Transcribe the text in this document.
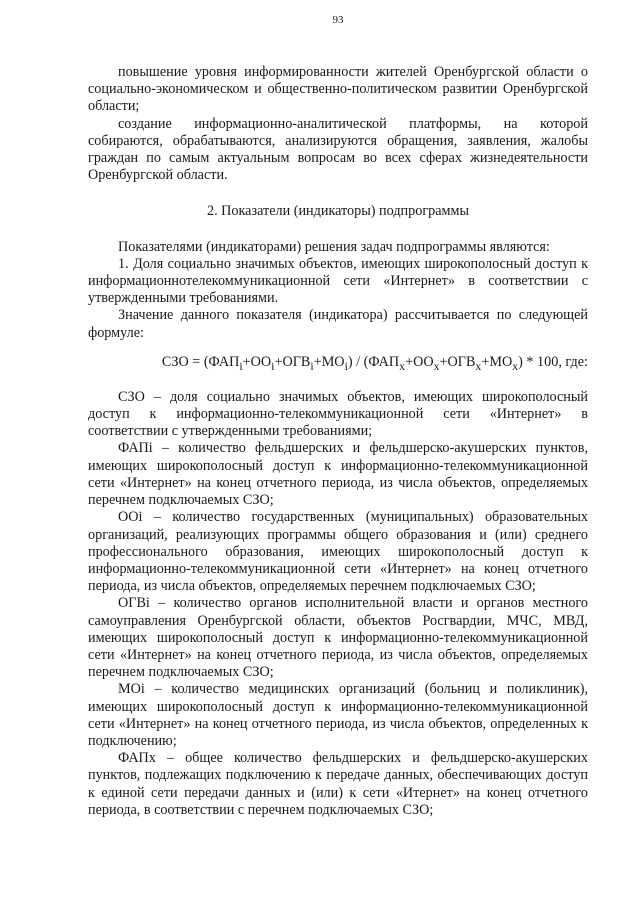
93

повышение уровня информированности жителей Оренбургской области о социально-экономическом и общественно-политическом развитии Оренбургской области;

создание информационно-аналитической платформы, на которой собираются, обрабатываются, анализируются обращения, заявления, жалобы граждан по самым актуальным вопросам во всех сферах жизнедеятельности Оренбургской области.

2. Показатели (индикаторы) подпрограммы

Показателями (индикаторами) решения задач подпрограммы являются:

1. Доля социально значимых объектов, имеющих широкополосный доступ к информационнотелекоммуникационной сети «Интернет» в соответствии с утвержденными требованиями.

Значение данного показателя (индикатора) рассчитывается по следующей формуле:

СЗО = $(ФАП_i+ОО_i+ОГВ_i+МО_i) / (ФАП_x+ОО_x+ОГВ_x+МО_x) * 100$, где:

СЗО – доля социально значимых объектов, имеющих широкополосный доступ к информационно-телекоммуникационной сети «Интернет» в соответствии с утвержденными требованиями;

ФАПi – количество фельдшерских и фельдшерско-акушерских пунктов, имеющих широкополосный доступ к информационно-телекоммуникационной сети «Интернет» на конец отчетного периода, из числа объектов, определяемых перечнем подключаемых СЗО;

ООi – количество государственных (муниципальных) образовательных организаций, реализующих программы общего образования и (или) среднего профессионального образования, имеющих широкополосный доступ к информационно-телекоммуникационной сети «Интернет» на конец отчетного периода, из числа объектов, определяемых перечнем подключаемых СЗО;

ОГВi – количество органов исполнительной власти и органов местного самоуправления Оренбургской области, объектов Росгвардии, МЧС, МВД, имеющих широкополосный доступ к информационно-телекоммуникационной сети «Интернет» на конец отчетного периода, из числа объектов, определяемых перечнем подключаемых СЗО;

МОi – количество медицинских организаций (больниц и поликлиник), имеющих широкополосный доступ к информационно-телекоммуникационной сети «Интернет» на конец отчетного периода, из числа объектов, определенных к подключению;

ФАПx – общее количество фельдшерских и фельдшерско-акушерских пунктов, подлежащих подключению к передаче данных, обеспечивающих доступ к единой сети передачи данных и (или) к сети «Итернет» на конец отчетного периода, в соответствии с перечнем подключаемых СЗО;
